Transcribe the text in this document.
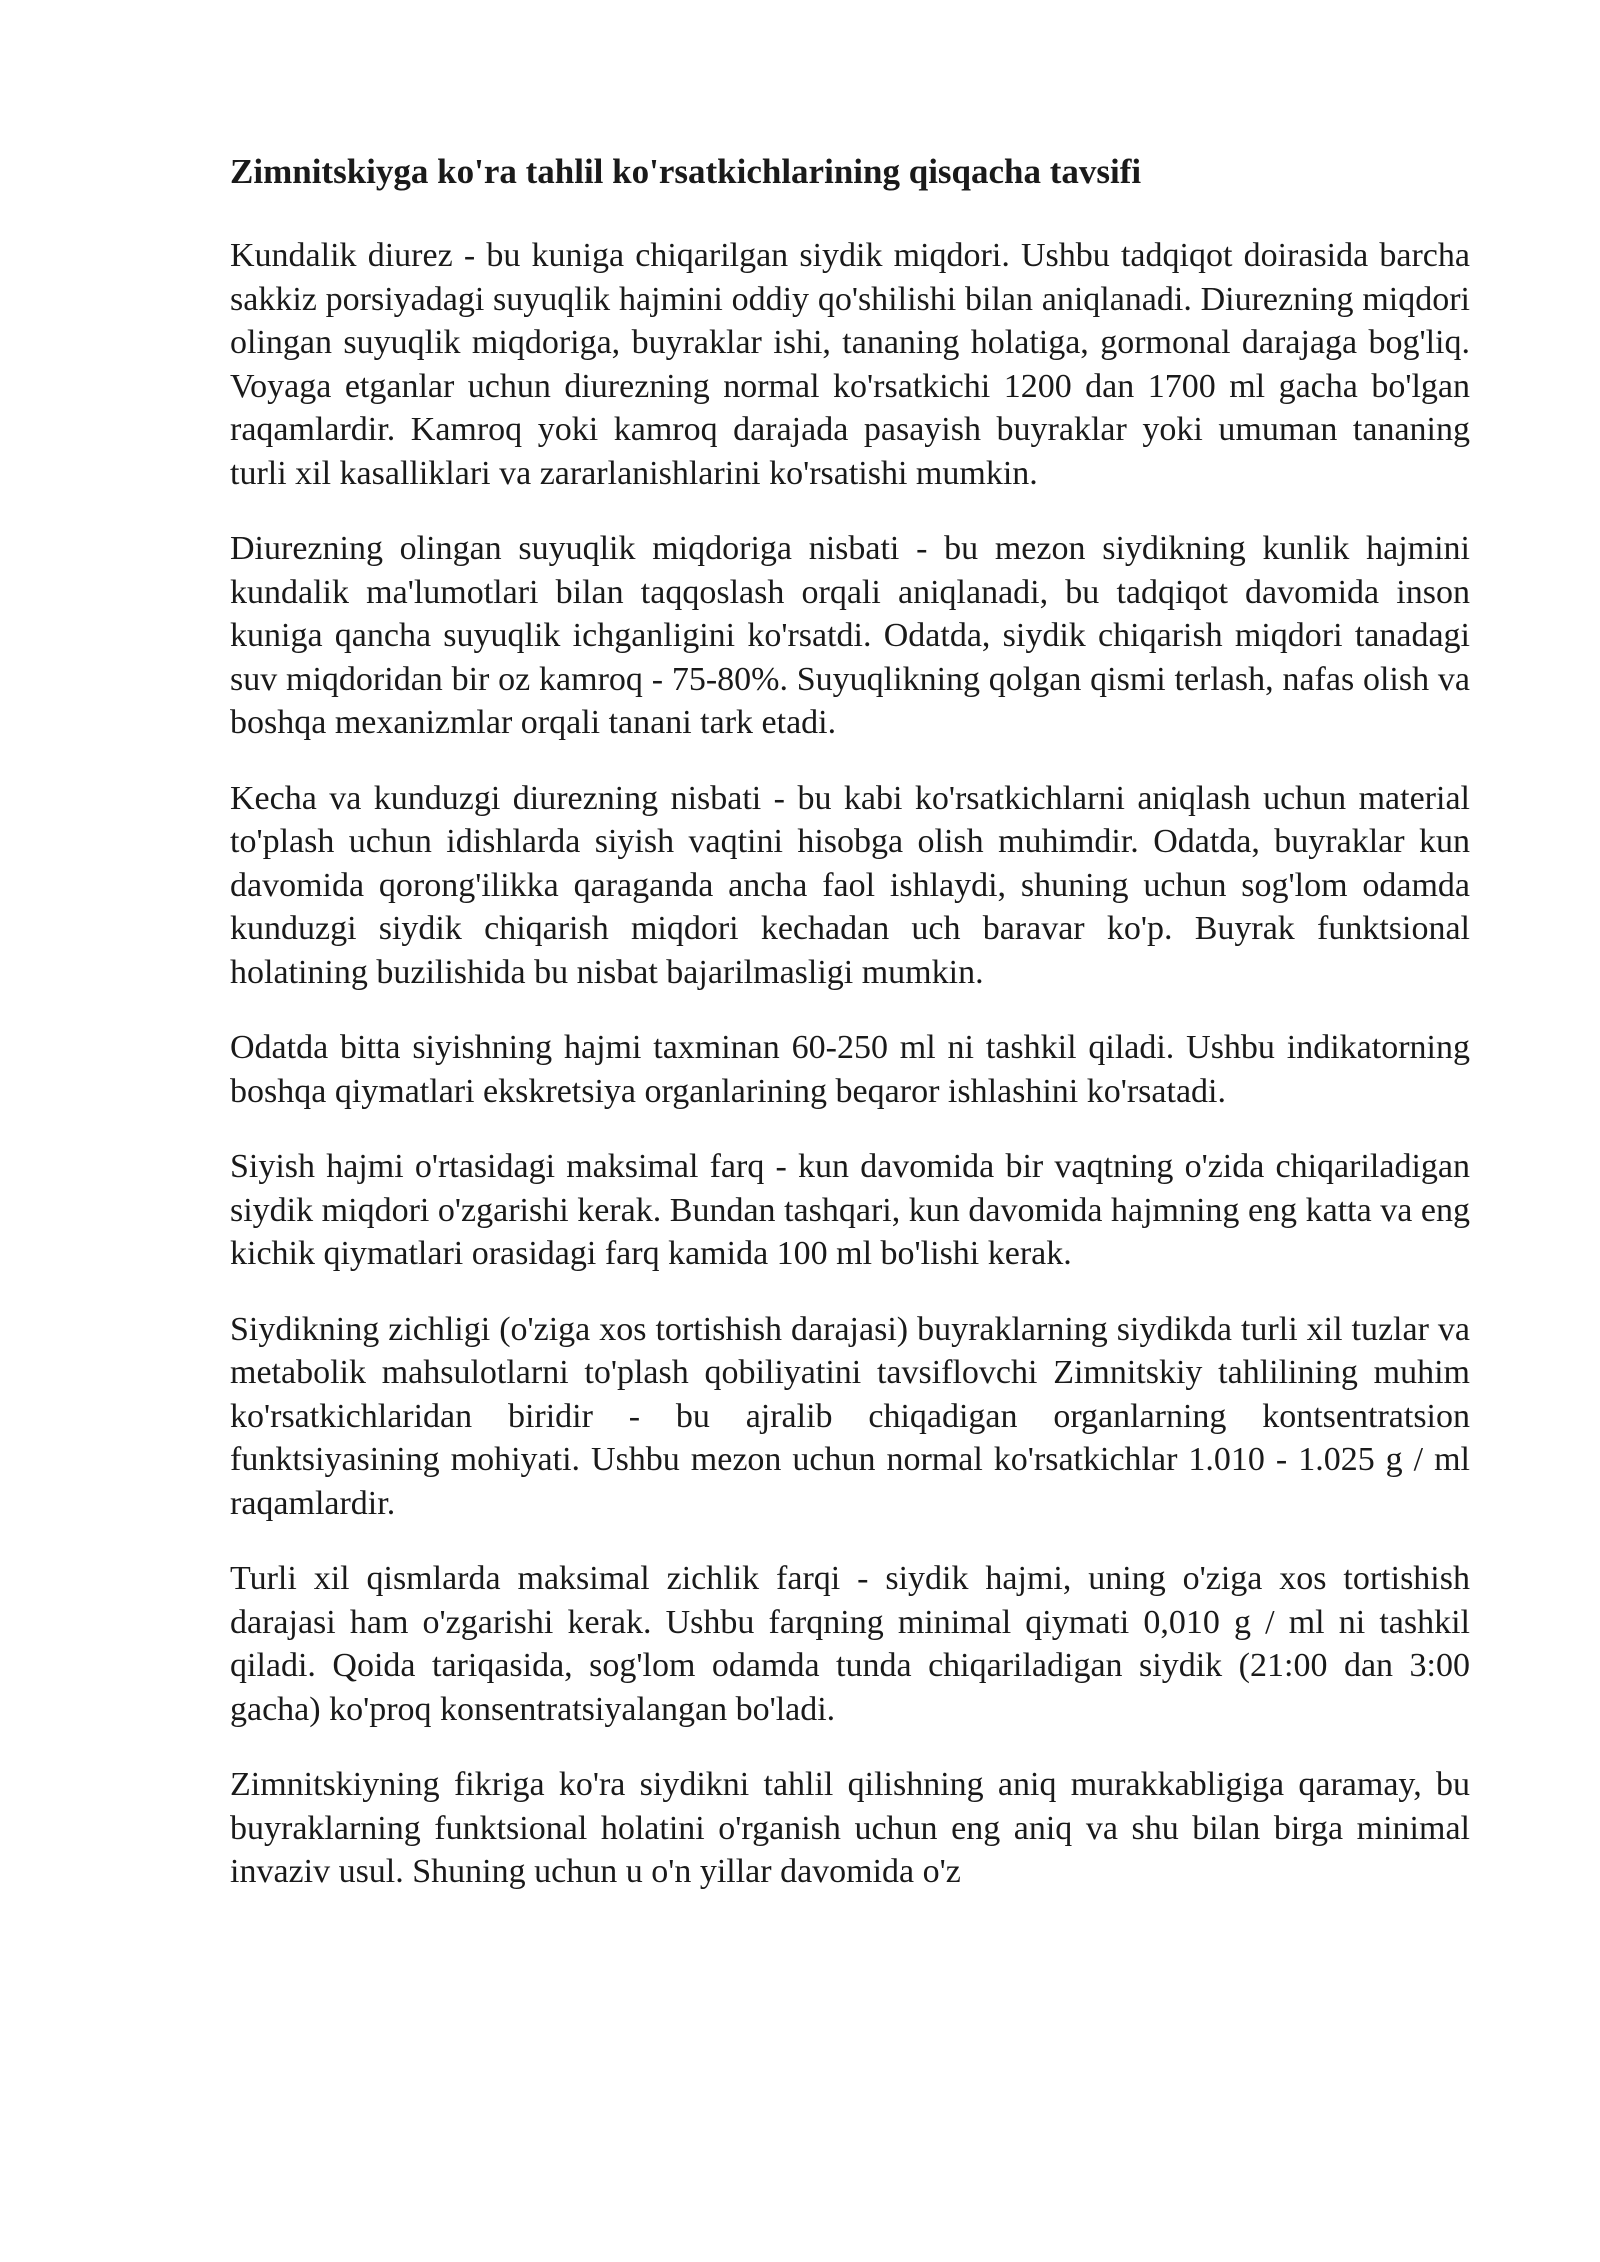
Zimnitskiyga ko'ra tahlil ko'rsatkichlarining qisqacha tavsifi

Kundalik diurez - bu kuniga chiqarilgan siydik miqdori. Ushbu tadqiqot doirasida barcha sakkiz porsiyadagi suyuqlik hajmini oddiy qo'shilishi bilan aniqlanadi. Diurezning miqdori olingan suyuqlik miqdoriga, buyraklar ishi, tananing holatiga, gormonal darajaga bog'liq. Voyaga etganlar uchun diurezning normal ko'rsatkichi 1200 dan 1700 ml gacha bo'lgan raqamlardir. Kamroq yoki kamroq darajada pasayish buyraklar yoki umuman tananing turli xil kasalliklari va zararlanishlarini ko'rsatishi mumkin.

Diurezning olingan suyuqlik miqdoriga nisbati - bu mezon siydikning kunlik hajmini kundalik ma'lumotlari bilan taqqoslash orqali aniqlanadi, bu tadqiqot davomida inson kuniga qancha suyuqlik ichganligini ko'rsatdi. Odatda, siydik chiqarish miqdori tanadagi suv miqdoridan bir oz kamroq - 75-80%. Suyuqlikning qolgan qismi terlash, nafas olish va boshqa mexanizmlar orqali tanani tark etadi.

Kecha va kunduzgi diurezning nisbati - bu kabi ko'rsatkichlarni aniqlash uchun material to'plash uchun idishlarda siyish vaqtini hisobga olish muhimdir. Odatda, buyraklar kun davomida qorong'ilikka qaraganda ancha faol ishlaydi, shuning uchun sog'lom odamda kunduzgi siydik chiqarish miqdori kechadan uch baravar ko'p. Buyrak funktsional holatining buzilishida bu nisbat bajarilmasligi mumkin.

Odatda bitta siyishning hajmi taxminan 60-250 ml ni tashkil qiladi. Ushbu indikatorning boshqa qiymatlari ekskretsiya organlarining beqaror ishlashini ko'rsatadi.

Siyish hajmi o'rtasidagi maksimal farq - kun davomida bir vaqtning o'zida chiqariladigan siydik miqdori o'zgarishi kerak. Bundan tashqari, kun davomida hajmning eng katta va eng kichik qiymatlari orasidagi farq kamida 100 ml bo'lishi kerak.

Siydikning zichligi (o'ziga xos tortishish darajasi) buyraklarning siydikda turli xil tuzlar va metabolik mahsulotlarni to'plash qobiliyatini tavsiflovchi Zimnitskiy tahlilining muhim ko'rsatkichlaridan biridir - bu ajralib chiqadigan organlarning kontsentratsion funktsiyasining mohiyati. Ushbu mezon uchun normal ko'rsatkichlar 1.010 - 1.025 g / ml raqamlardir.

Turli xil qismlarda maksimal zichlik farqi - siydik hajmi, uning o'ziga xos tortishish darajasi ham o'zgarishi kerak. Ushbu farqning minimal qiymati 0,010 g / ml ni tashkil qiladi. Qoida tariqasida, sog'lom odamda tunda chiqariladigan siydik (21:00 dan 3:00 gacha) ko'proq konsentratsiyalangan bo'ladi.

Zimnitskiyning fikriga ko'ra siydikni tahlil qilishning aniq murakkabligiga qaramay, bu buyraklarning funktsional holatini o'rganish uchun eng aniq va shu bilan birga minimal invaziv usul. Shuning uchun u o'n yillar davomida o'z
